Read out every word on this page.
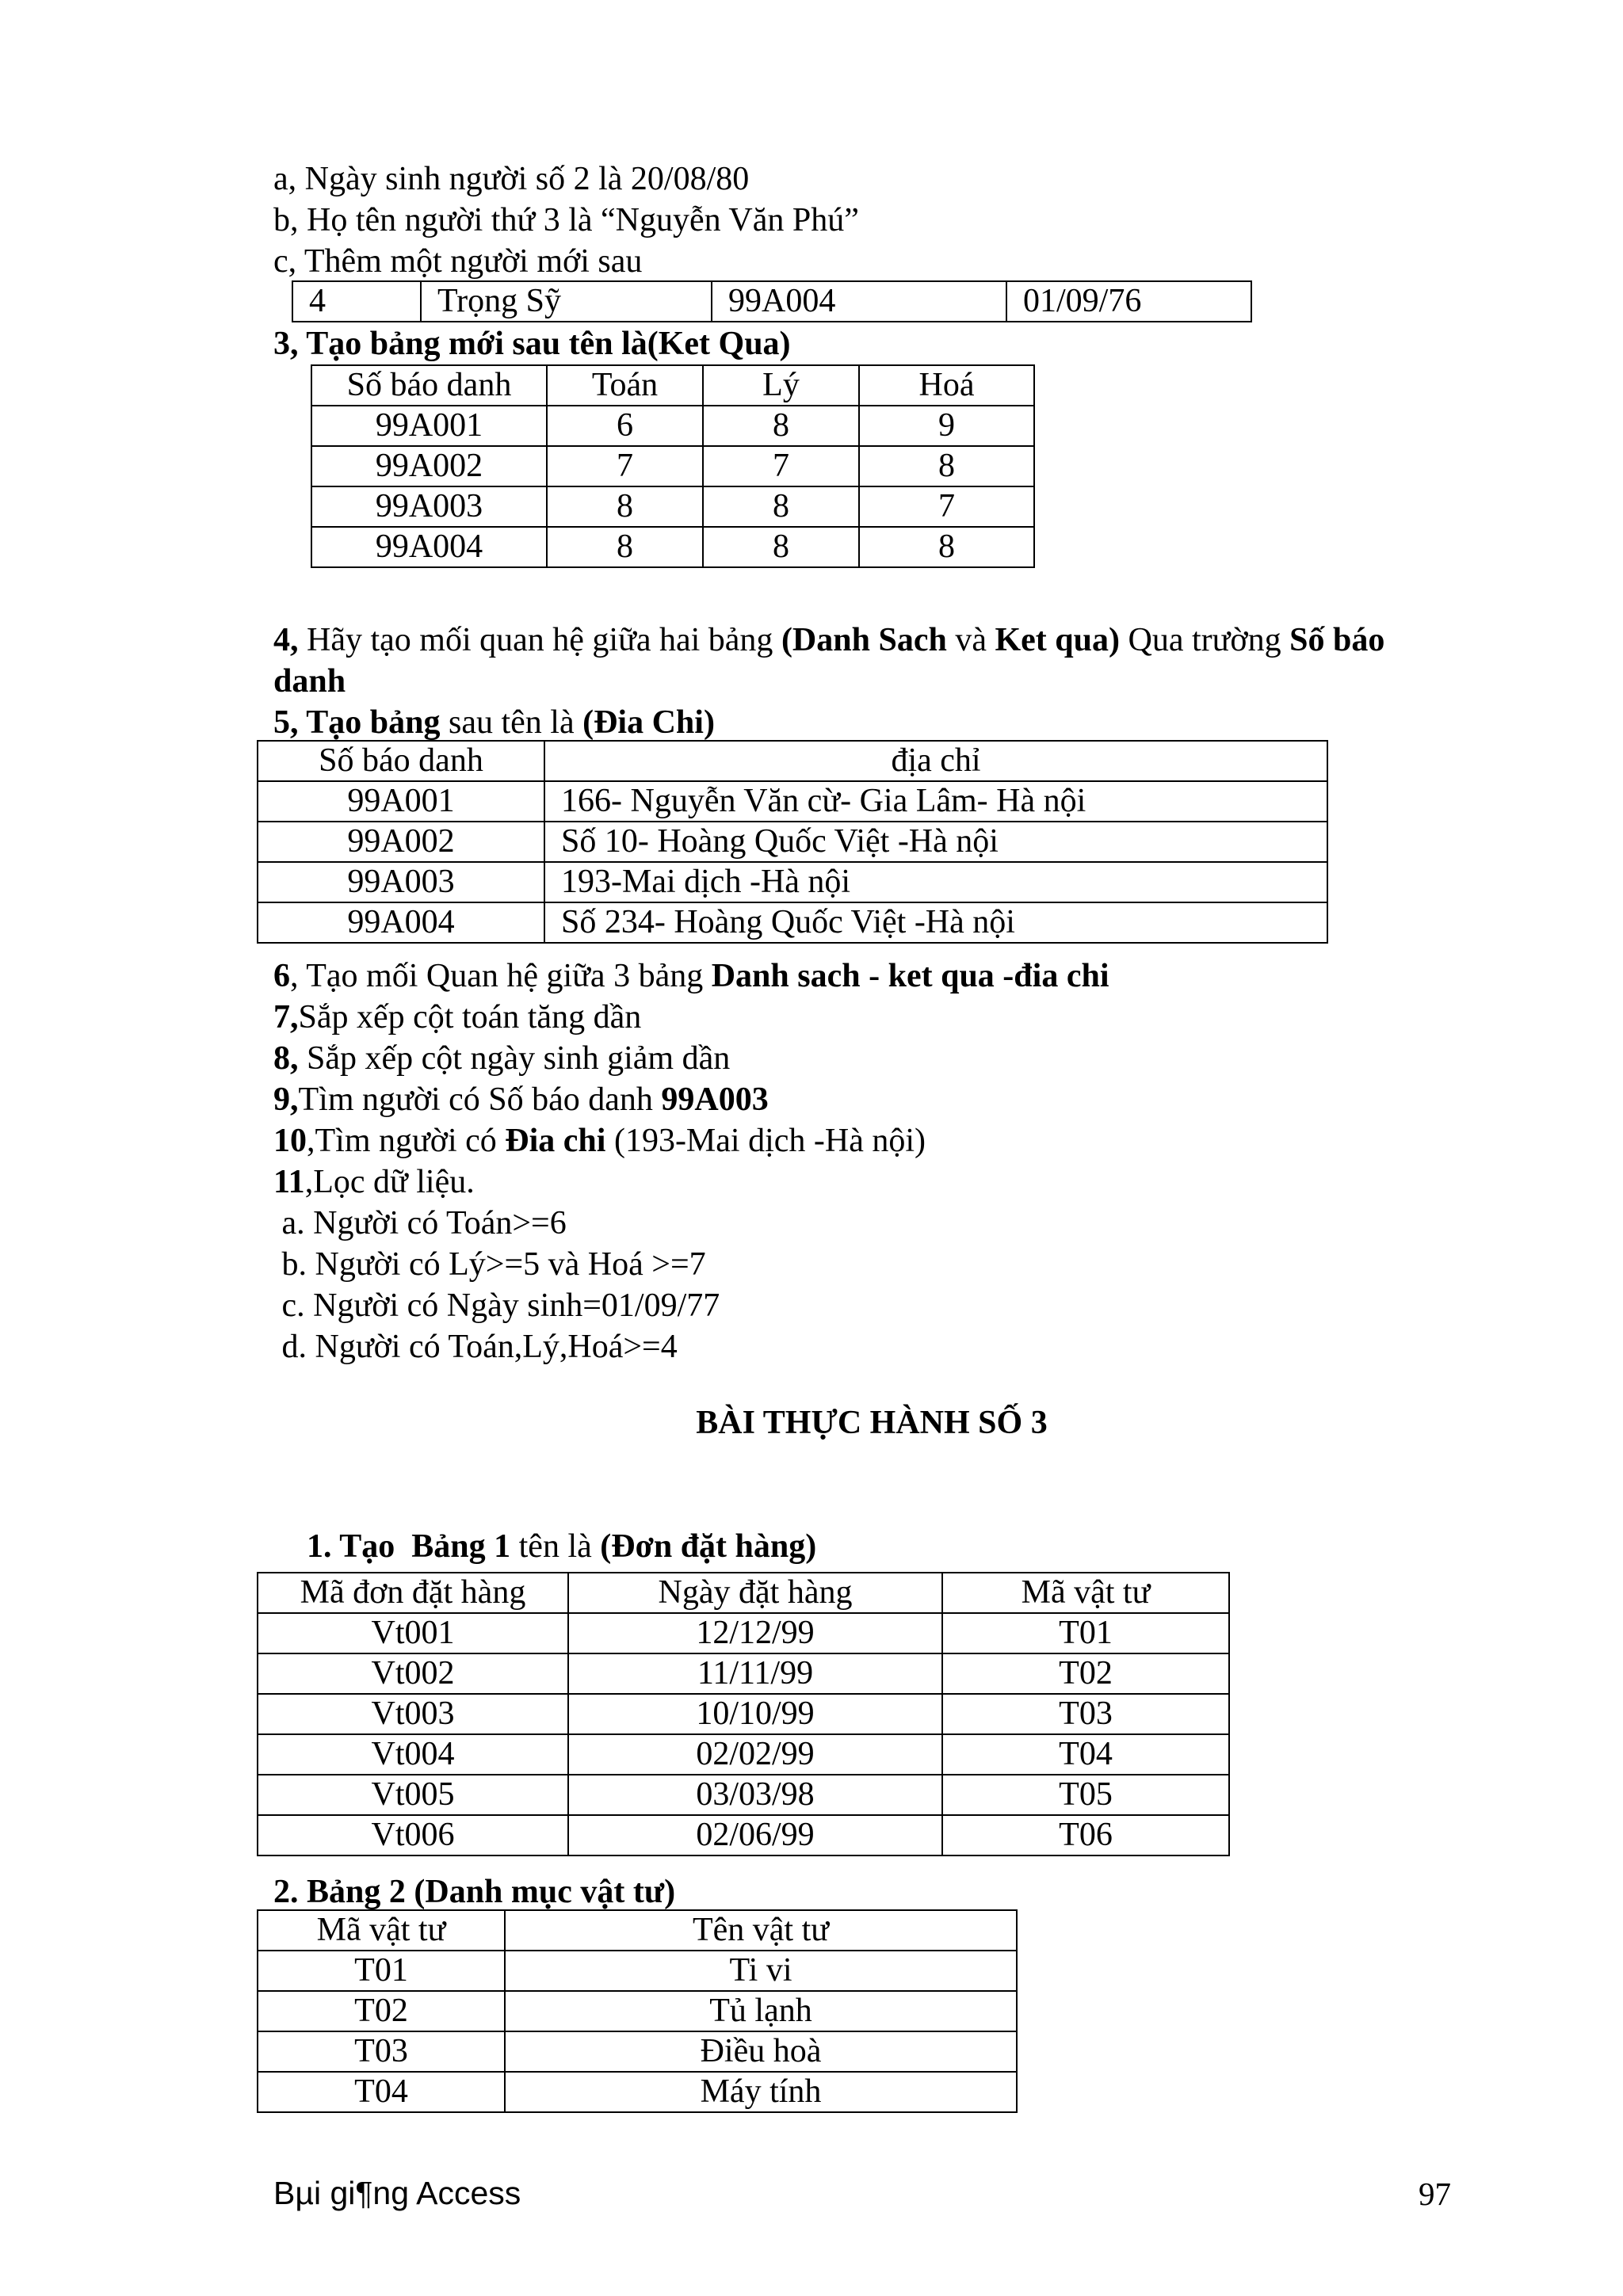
a, Ngày sinh người số 2 là 20/08/80
b, Họ tên người thứ 3 là “Nguyễn Văn Phú”
c, Thêm một người mới sau
4	Trọng Sỹ	99A004	01/09/76
3, Tạo bảng mới sau tên là(Ket Qua)
Số báo danh	Toán	Lý	Hoá
99A001	6	8	9
99A002	7	7	8
99A003	8	8	7
99A004	8	8	8
4, Hãy tạo mối quan hệ giữa hai bảng (Danh Sach và Ket qua) Qua trường Số báo
danh
5, Tạo bảng sau tên là (Đia Chi)
Số báo danh	địa chỉ
99A001	166- Nguyễn Văn cừ- Gia Lâm- Hà nội
99A002	Số 10- Hoàng Quốc Việt -Hà nội
99A003	193-Mai dịch -Hà nội
99A004	Số 234- Hoàng Quốc Việt -Hà nội
6, Tạo mối Quan hệ giữa 3 bảng Danh sach - ket qua -đia chi
7,Sắp xếp cột toán tăng dần
8, Sắp xếp cột ngày sinh giảm dần
9,Tìm người có Số báo danh 99A003
10,Tìm người có Đia chi (193-Mai dịch -Hà nội)
11,Lọc dữ liệu.
a. Người có Toán>=6
b. Người có Lý>=5 và Hoá >=7
c. Người có Ngày sinh=01/09/77
d. Người có Toán,Lý,Hoá>=4
BÀI THỰC HÀNH SỐ 3

1. Tạo  Bảng 1 tên là (Đơn đặt hàng)

Mã đơn đặt hàng	Ngày đặt hàng	Mã vật tư
Vt001	12/12/99	T01
Vt002	11/11/99	T02
Vt003	10/10/99	T03
Vt004	02/02/99	T04
Vt005	03/03/98	T05
Vt006	02/06/99	T06
2. Bảng 2 (Danh mục vật tư)
Mã vật tư	Tên vật tư
T01	Ti vi
T02	Tủ lạnh
T03	Điều hoà
T04	Máy tính
Bµi gi¶ng Access	97
